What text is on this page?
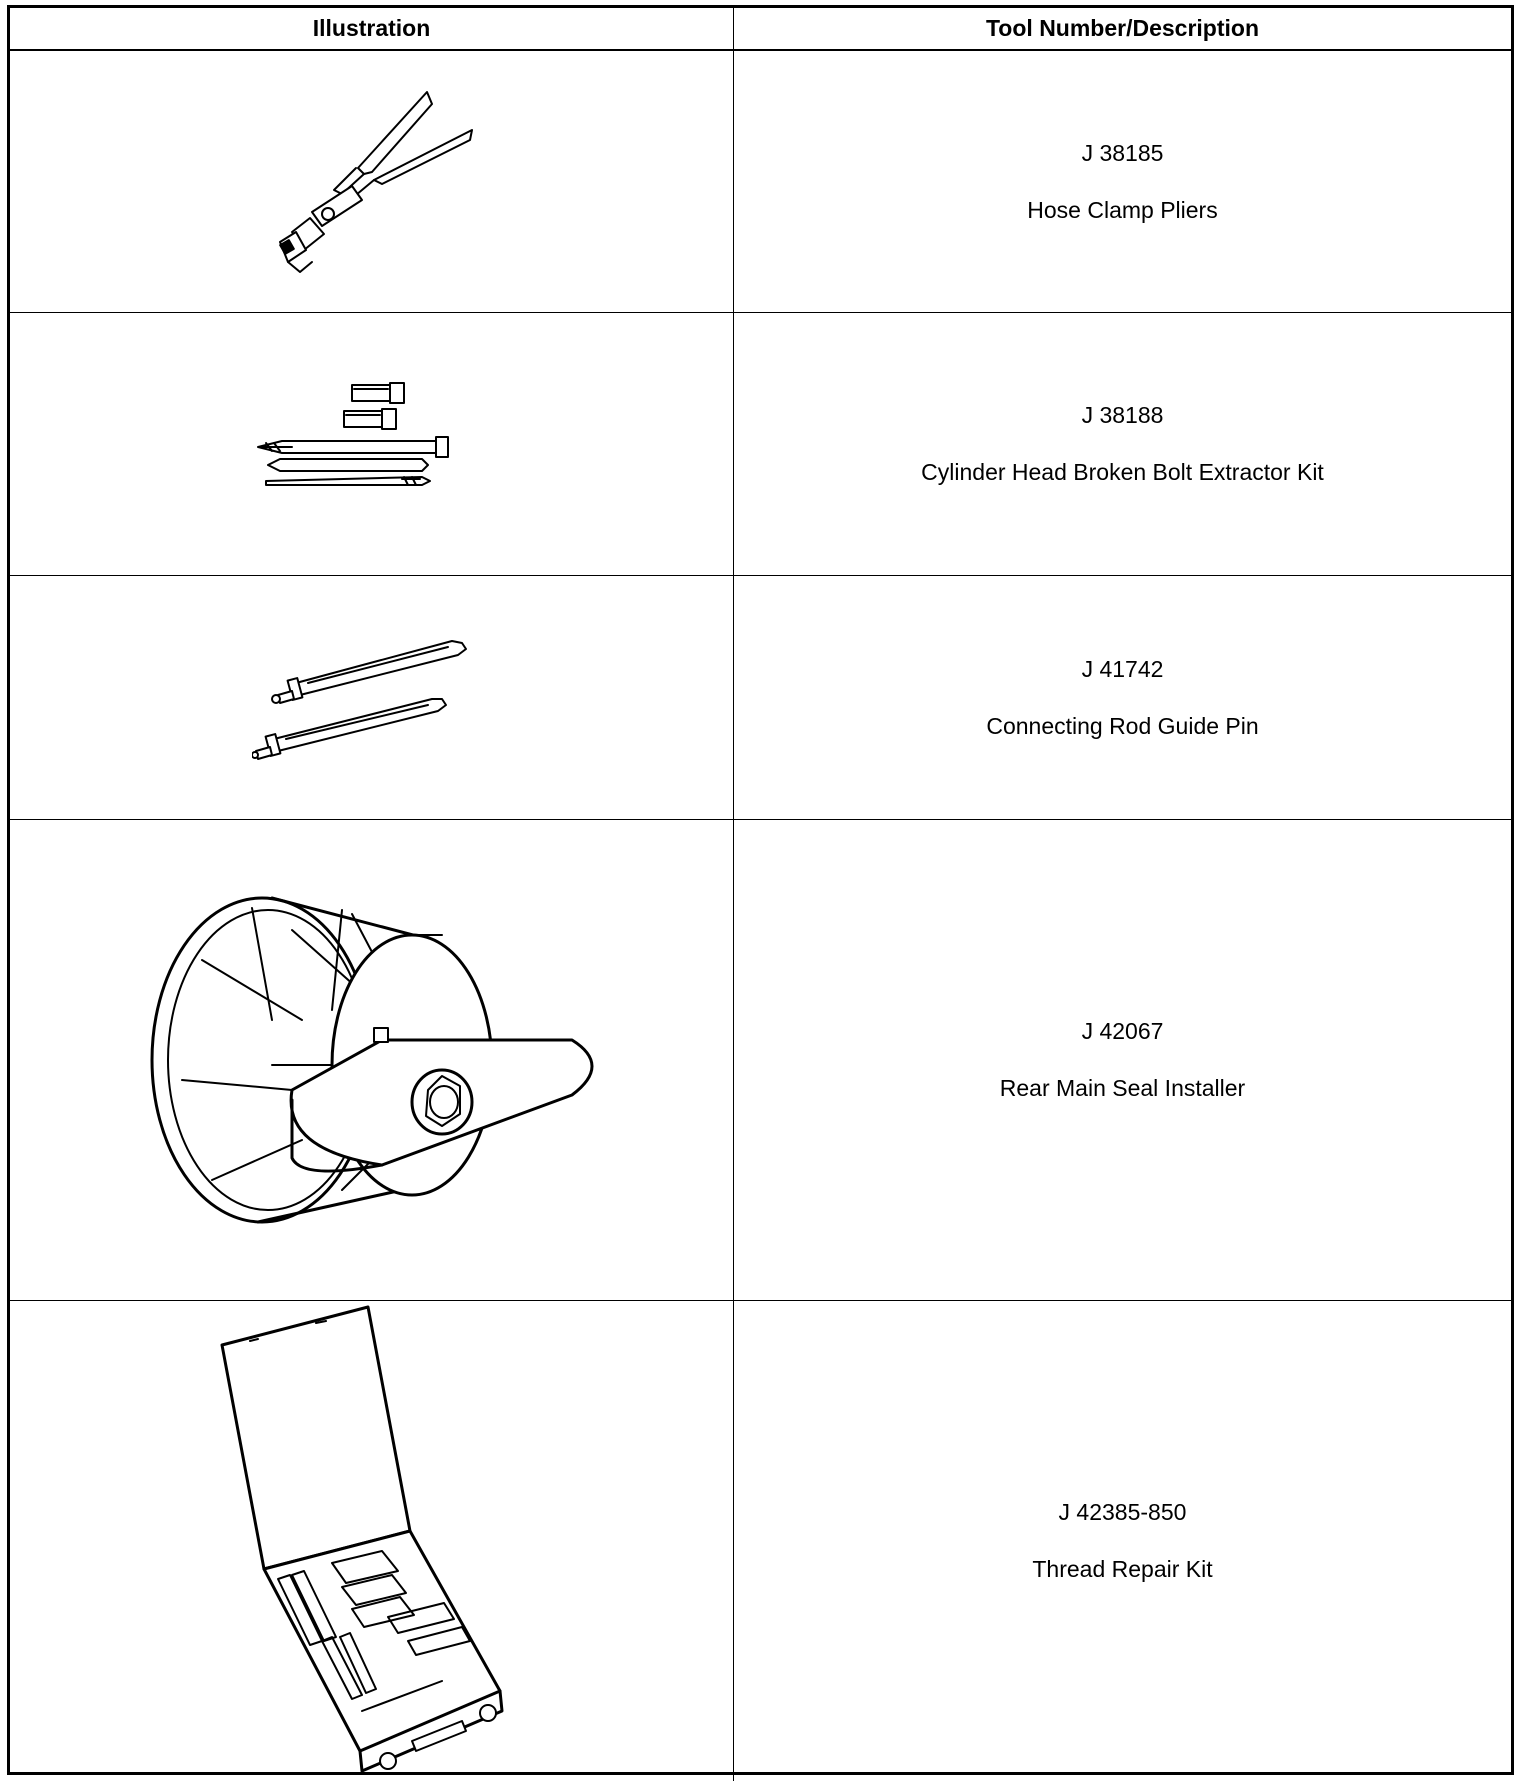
Illustration	Tool Number/Description
J 38185
Hose Clamp Pliers
J 38188
Cylinder Head Broken Bolt Extractor Kit
J 41742
Connecting Rod Guide Pin
J 42067
Rear Main Seal Installer
J 42385-850
Thread Repair Kit
